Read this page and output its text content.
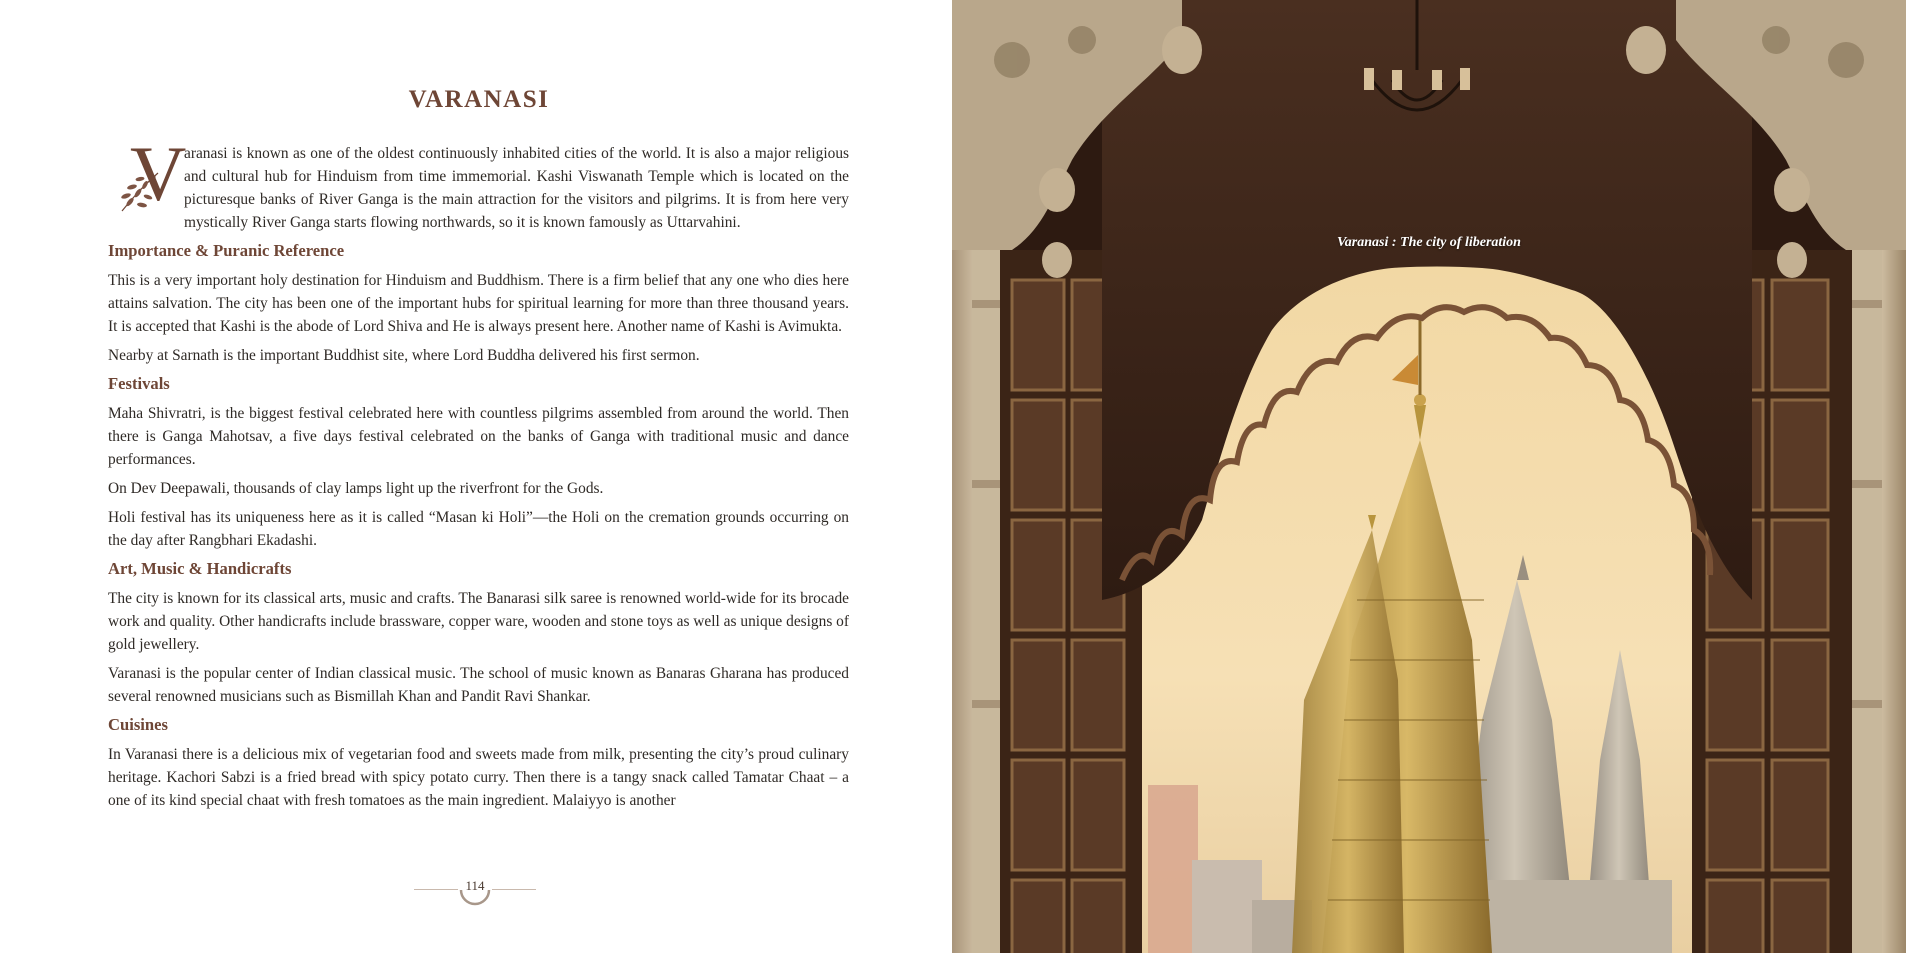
VARANASI

V
aranasi is known as one of the oldest continuously inhabited cities of the world. It is also a major religious and cultural hub for Hinduism from time immemorial. Kashi Viswanath Temple which is located on the picturesque banks of River Ganga is the main attraction for the visitors and pilgrims. It is from here very mystically River Ganga starts flowing northwards, so it is known famously as Uttarvahini.

Importance & Puranic Reference

This is a very important holy destination for Hinduism and Buddhism. There is a firm belief that any one who dies here attains salvation. The city has been one of the important hubs for spiritual learning for more than three thousand years. It is accepted that Kashi is the abode of Lord Shiva and He is always present here. Another name of Kashi is Avimukta.

Nearby at Sarnath is the important Buddhist site, where Lord Buddha delivered his first sermon.

Festivals

Maha Shivratri, is the biggest festival celebrated here with countless pilgrims assembled from around the world. Then there is Ganga Mahotsav, a five days festival celebrated on the banks of Ganga with traditional music and dance performances.

On Dev Deepawali, thousands of clay lamps light up the riverfront for the Gods.

Holi festival has its uniqueness here as it is called “Masan ki Holi”—the Holi on the cremation grounds occurring on the day after Rangbhari Ekadashi.

Art, Music & Handicrafts

The city is known for its classical arts, music and crafts. The Banarasi silk saree is renowned world-wide for its brocade work and quality. Other handicrafts include brassware, copper ware, wooden and stone toys as well as unique designs of gold jewellery.

Varanasi is the popular center of Indian classical music. The school of music known as Banaras Gharana has produced several renowned musicians such as Bismillah Khan and Pandit Ravi Shankar.

Cuisines

In Varanasi there is a delicious mix of vegetarian food and sweets made from milk, presenting the city’s proud culinary heritage. Kachori Sabzi is a fried bread with spicy potato curry. Then there is a tangy snack called Tamatar Chaat – a one of its kind special chaat with fresh tomatoes as the main ingredient. Malaiyyo is another

114
Varanasi : The city of liberation
